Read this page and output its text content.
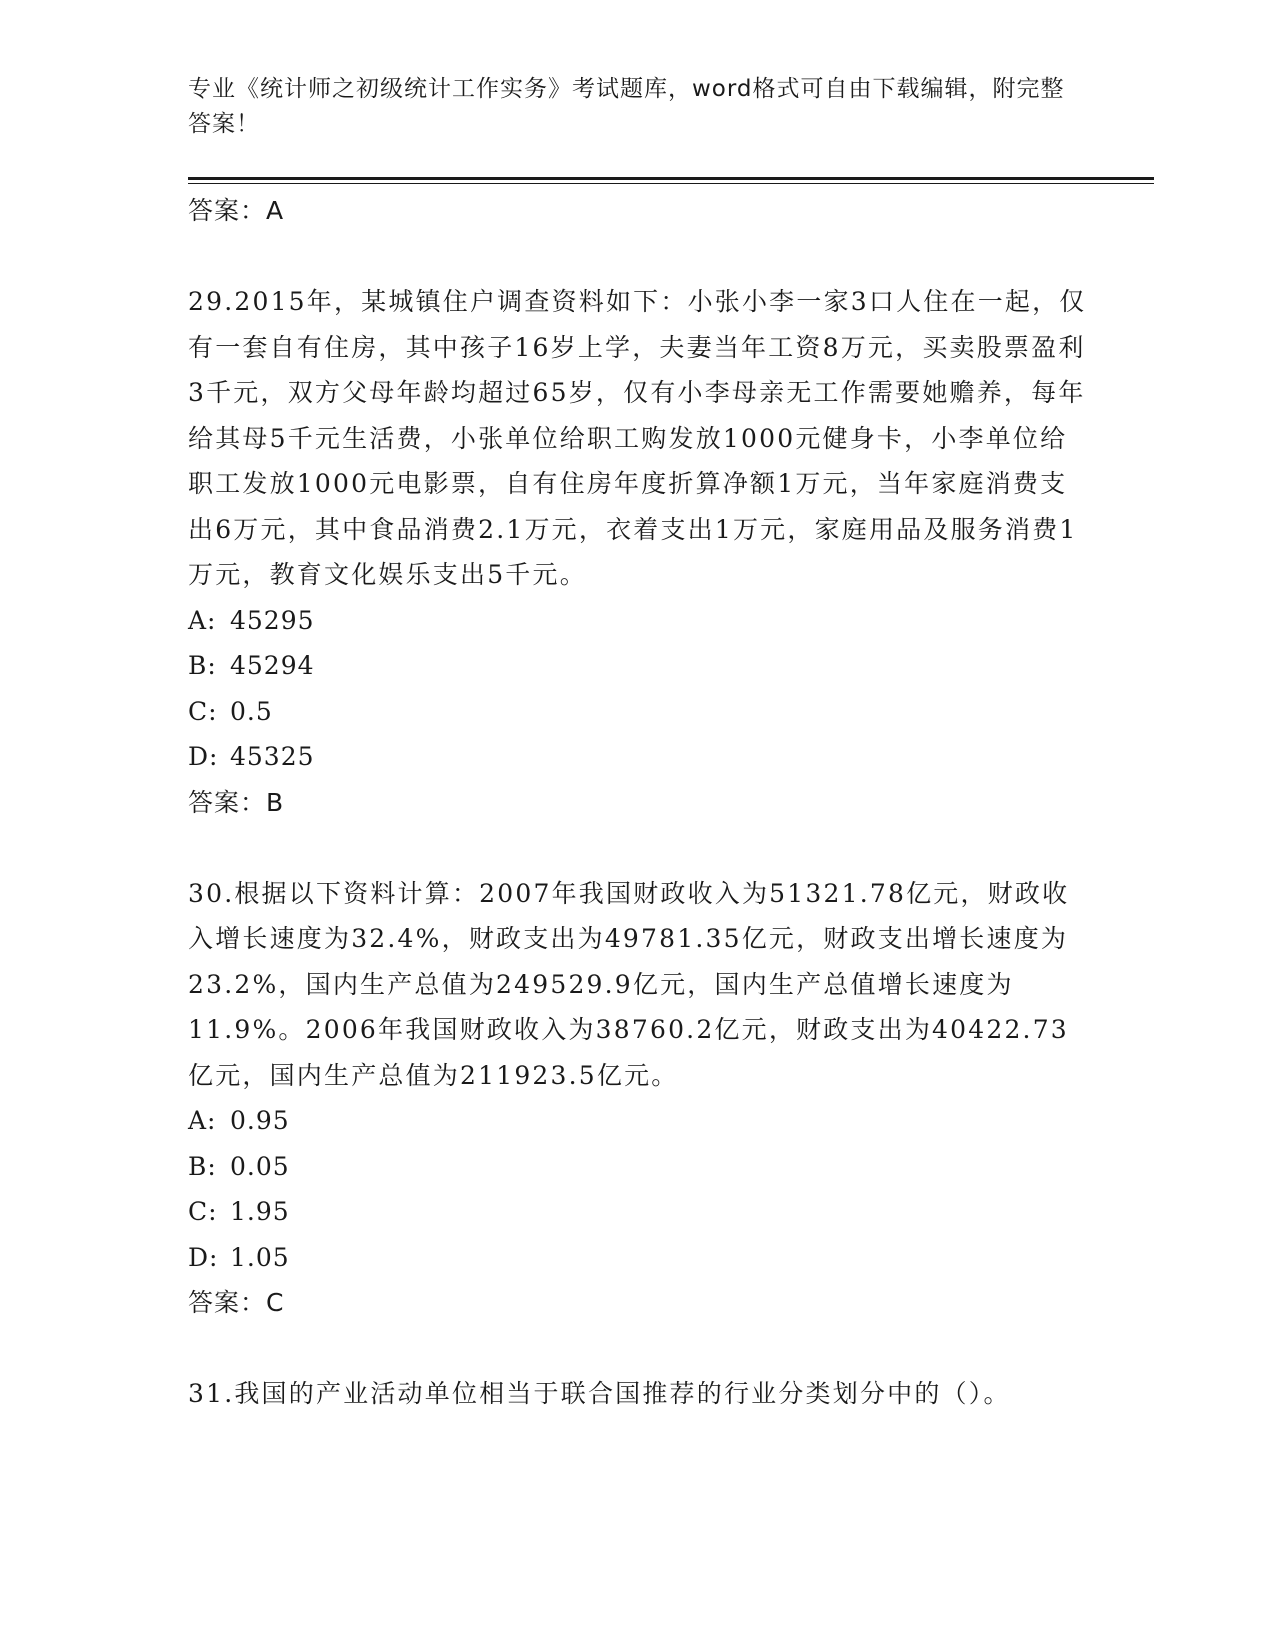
专业《统计师之初级统计工作实务》考试题库，word格式可自由下载编辑，附完整答案！
答案：A
29.2015年，某城镇住户调查资料如下：小张小李一家3口人住在一起，仅有一套自有住房，其中孩子16岁上学，夫妻当年工资8万元，买卖股票盈利3千元，双方父母年龄均超过65岁，仅有小李母亲无工作需要她赡养，每年给其母5千元生活费，小张单位给职工购发放1000元健身卡，小李单位给职工发放1000元电影票，自有住房年度折算净额1万元，当年家庭消费支出6万元，其中食品消费2.1万元，衣着支出1万元，家庭用品及服务消费1万元，教育文化娱乐支出5千元。
A: 45295
B: 45294
C: 0.5
D: 45325
答案：B
30.根据以下资料计算：2007年我国财政收入为51321.78亿元，财政收入增长速度为32.4%，财政支出为49781.35亿元，财政支出增长速度为23.2%，国内生产总值为249529.9亿元，国内生产总值增长速度为11.9%。2006年我国财政收入为38760.2亿元，财政支出为40422.73亿元，国内生产总值为211923.5亿元。
A: 0.95
B: 0.05
C: 1.95
D: 1.05
答案：C
31.我国的产业活动单位相当于联合国推荐的行业分类划分中的（）。
